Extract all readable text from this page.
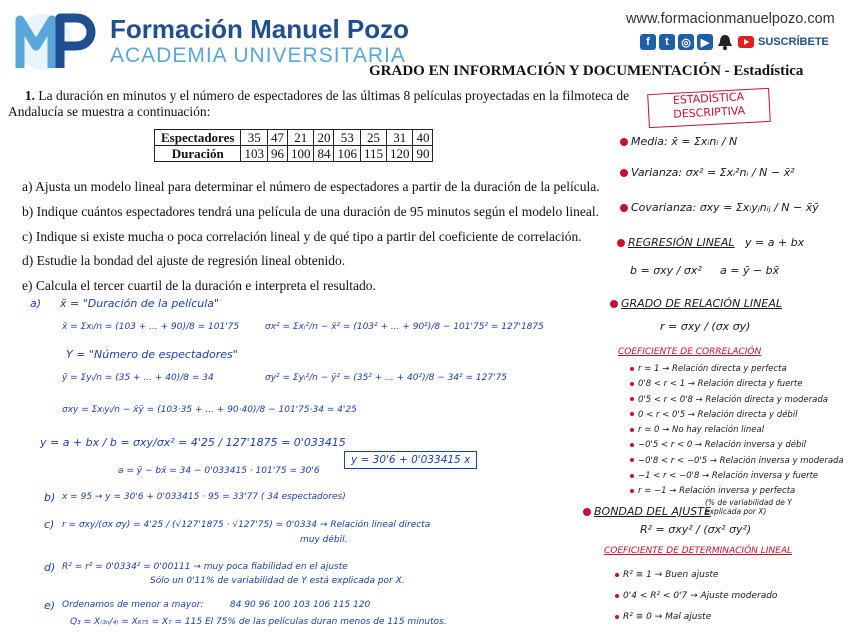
Formación Manuel Pozo
ACADEMIA UNIVERSITARIA
www.formacionmanuelpozo.com
f	t	◎ ▶	SUSCRÍBETE
GRADO EN INFORMACIÓN Y DOCUMENTACIÓN - Estadística
1. La duración en minutos y el número de espectadores de las últimas 8 películas proyectadas en la filmoteca de Andalucía se muestra a continuación:
Espectadores	35	47	21	20	53	25	31	40
Duración	103	96	100	84	106	115	120	90
a) Ajusta un modelo lineal para determinar el número de espectadores a partir de la duración de la película.
b) Indique cuántos espectadores tendrá una película de una duración de 95 minutos según el modelo lineal.
c) Indique si existe mucha o poca correlación lineal y de qué tipo a partir del coeficiente de correlación.
d) Estudie la bondad del ajuste de regresión lineal obtenido.
e) Calcula el tercer cuartil de la duración e interpreta el resultado.
ESTADÍSTICA
DESCRIPTIVA
Media: x̄ = Σxᵢnᵢ / N
Varianza: σx² = Σxᵢ²nᵢ / N − x̄²
Covarianza: σxy = Σxᵢyⱼnᵢⱼ / N − x̄ȳ
REGRESIÓN LINEAL y = a + bx
b = σxy / σx² a = ȳ − bx̄
GRADO DE RELACIÓN LINEAL
r = σxy / (σx σy)
COEFICIENTE DE CORRELACIÓN
r = 1 → Relación directa y perfecta
0'8 < r < 1 → Relación directa y fuerte
0'5 < r < 0'8 → Relación directa y moderada
0 < r < 0'5 → Relación directa y débil
r = 0 → No hay relación lineal
−0'5 < r < 0 → Relación inversa y débil
−0'8 < r < −0'5 → Relación inversa y moderada
−1 < r < −0'8 → Relación inversa y fuerte
r = −1 → Relación inversa y perfecta
BONDAD DEL AJUSTE
(% de variabilidad de Y explicada por X)
R² = σxy² / (σx² σy²)
COEFICIENTE DE DETERMINACIÓN LINEAL
R² ≅ 1 → Buen ajuste
0'4 < R² < 0'7 → Ajuste moderado
R² ≅ 0 → Mal ajuste
a) x̄ = "Duración de la película"
x̄ = Σxᵢ/n = (103 + ... + 90)/8 = 101'75	σx² = Σxᵢ²/n − x̄² = (103² + ... + 90²)/8 − 101'75² = 127'1875
Y = "Número de espectadores"
ȳ = Σyᵢ/n = (35 + ... + 40)/8 = 34	σy² = Σyᵢ²/n − ȳ² = (35² + ... + 40²)/8 − 34² = 127'75
σxy = Σxᵢyᵢ/n − x̄ȳ = (103·35 + ... + 90·40)/8 − 101'75·34 = 4'25
y = a + bx / b = σxy/σx² = 4'25 / 127'1875 = 0'033415
a = ȳ − bx̄ = 34 − 0'033415 · 101'75 = 30'6
y = 30'6 + 0'033415 x
b) x = 95 → y = 30'6 + 0'033415 · 95 = 33'77 ( 34 espectadores)
c) r = σxy/(σx σy) = 4'25 / (√127'1875 · √127'75) = 0'0334 → Relación lineal directa
muy débil.
d) R² = r² = 0'0334² = 0'00111 → muy poca fiabilidad en el ajuste
Sólo un 0'11% de variabilidad de Y está explicada por X.
e) Ordenamos de menor a mayor:	84 90 96 100 103 106 115 120
Q₃ = X₍₃ₙ/₄₎ = X₆₇₅ = X₇ = 115 El 75% de las películas duran menos de 115 minutos.
